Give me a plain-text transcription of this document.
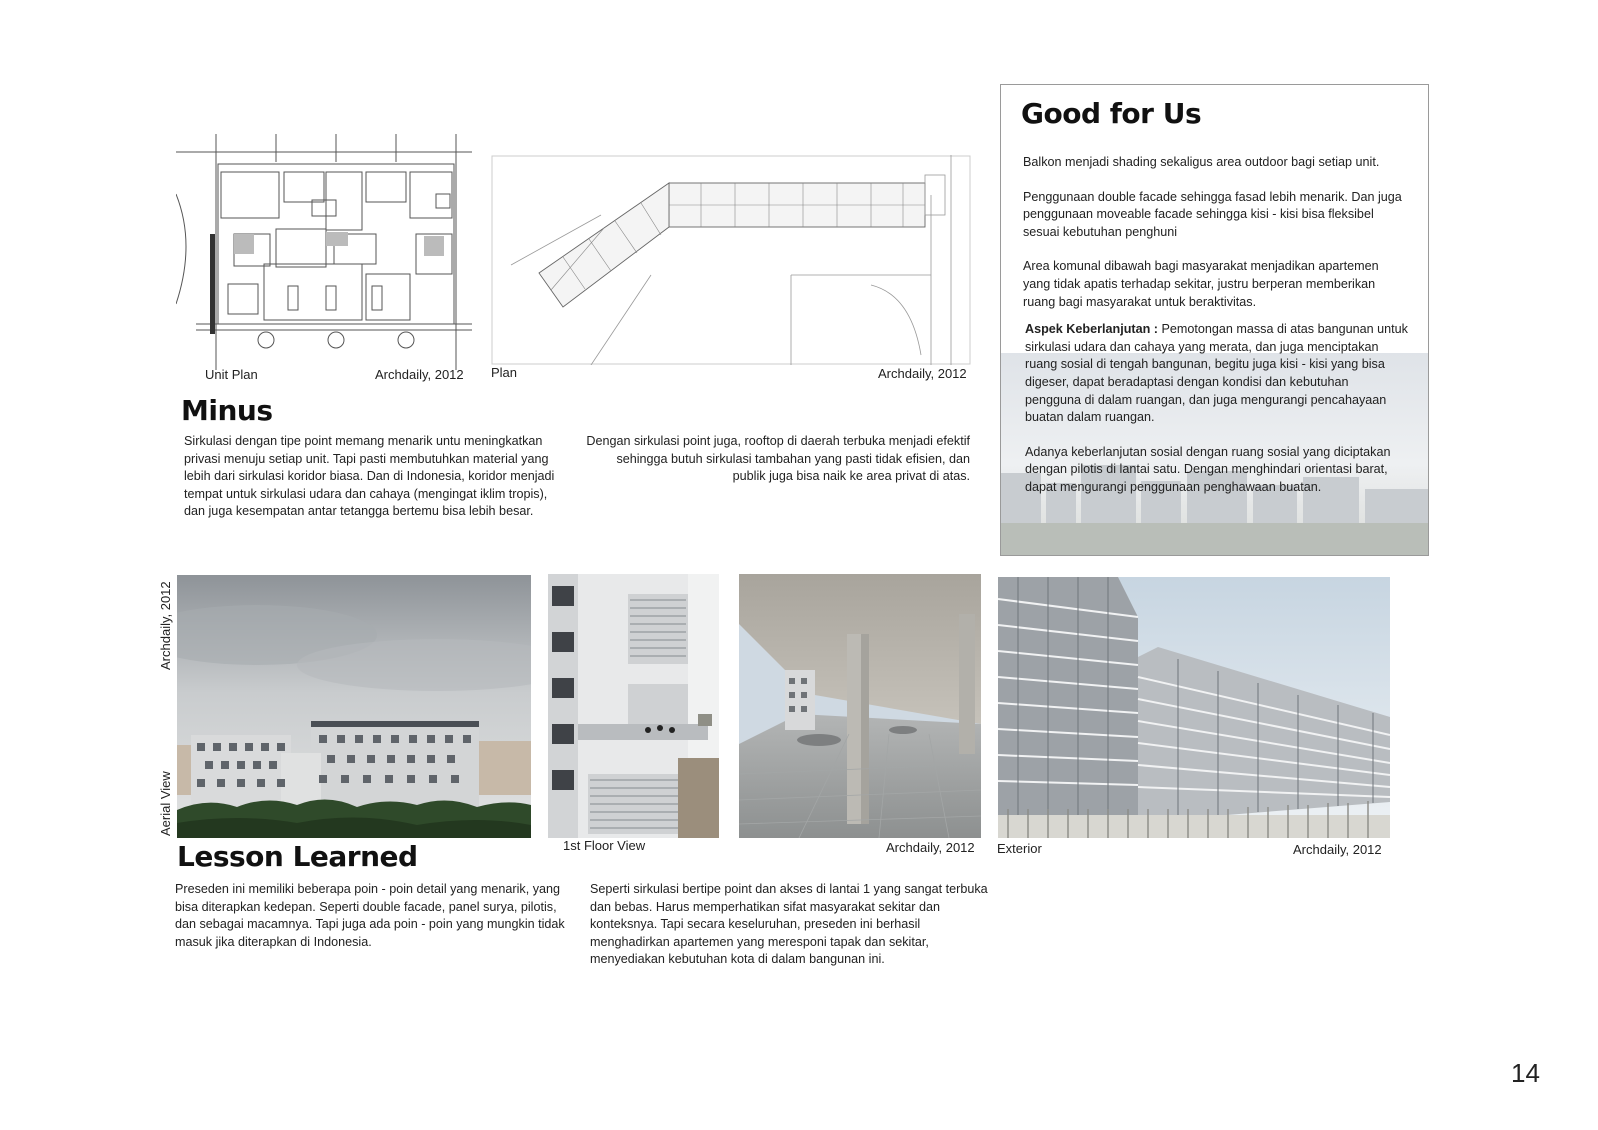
Unit Plan	Archdaily, 2012 Plan	Archdaily, 2012
Minus
Sirkulasi dengan tipe point memang menarik untu meningkatkan privasi menuju setiap unit. Tapi pasti membutuhkan material yang lebih dari sirkulasi koridor biasa. Dan di Indonesia, koridor menjadi tempat untuk sirkulasi udara dan cahaya (mengingat iklim tropis), dan juga kesempatan antar tetangga bertemu bisa lebih besar.
Dengan sirkulasi point juga, rooftop di daerah terbuka menjadi efektif sehingga butuh sirkulasi tambahan yang pasti tidak efisien, dan publik juga bisa naik ke area privat di atas.
Good for Us

Balkon menjadi shading sekaligus area outdoor bagi setiap unit.

Penggunaan double facade sehingga fasad lebih menarik. Dan juga penggunaan moveable facade sehingga kisi - kisi bisa fleksibel sesuai kebutuhan penghuni

Area komunal dibawah bagi masyarakat menjadikan apartemen yang tidak apatis terhadap sekitar, justru berperan memberikan ruang bagi masyarakat untuk beraktivitas.

Aspek Keberlanjutan : Pemotongan massa di atas bangunan untuk sirkulasi udara dan cahaya yang merata, dan juga menciptakan ruang sosial di tengah bangunan, begitu juga kisi - kisi yang bisa digeser, dapat beradaptasi dengan kondisi dan kebutuhan pengguna di dalam ruangan, dan juga mengurangi pencahayaan buatan dalam ruangan.

Adanya keberlanjutan sosial dengan ruang sosial yang diciptakan dengan pilotis di lantai satu. Dengan menghindari orientasi barat, dapat mengurangi penggunaan penghawaan buatan.

Aerial View
Archdaily, 2012
1st Floor View	Archdaily, 2012 Exterior	Archdaily, 2012
Lesson Learned
Preseden ini memiliki beberapa poin - poin detail yang menarik, yang bisa diterapkan kedepan. Seperti double facade, panel surya, pilotis, dan sebagai macamnya. Tapi juga ada poin - poin yang mungkin tidak masuk jika diterapkan di Indonesia.
Seperti sirkulasi bertipe point dan akses di lantai 1 yang sangat terbuka dan bebas. Harus memperhatikan sifat masyarakat sekitar dan konteksnya. Tapi secara keseluruhan, preseden ini berhasil menghadirkan apartemen yang meresponi tapak dan sekitar, menyediakan kebutuhan kota di dalam bangunan ini.
14
